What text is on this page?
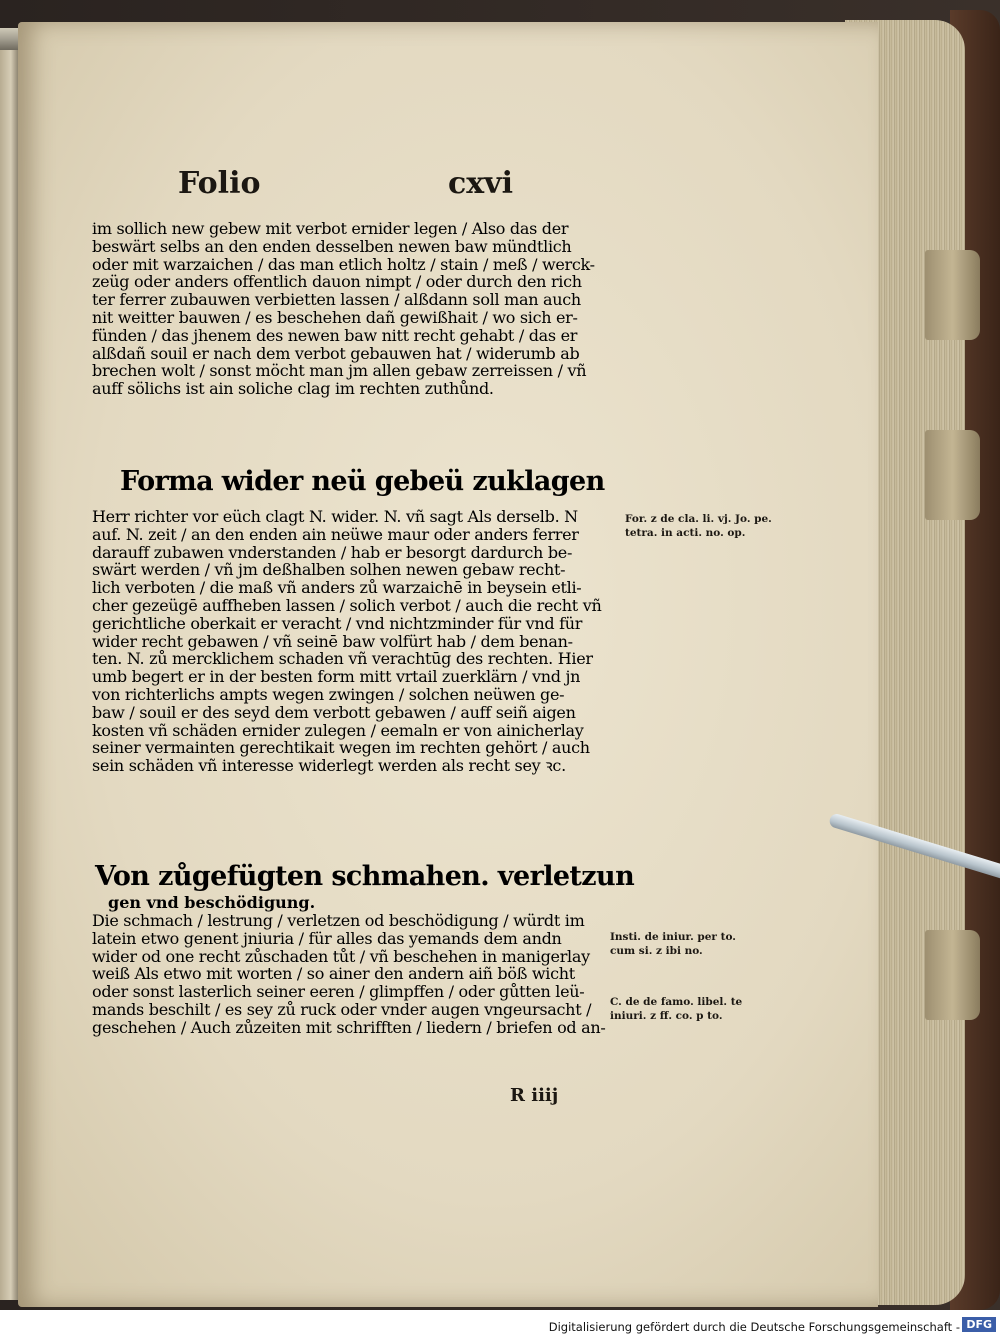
Folio	cxvi
im sollich new gebew mit verbot ernider legen / Also das der
beswärt selbs an den enden desselben newen baw mündtlich
oder mit warzaichen / das man etlich holtz / stain / meß / werck-
zeüg oder anders offentlich dauon nimpt / oder durch den rich
ter ferrer zubauwen verbietten lassen / alßdann soll man auch
nit weitter bauwen / es beschehen dañ gewißhait / wo sich er-
fünden / das jhenem des newen baw nitt recht gehabt / das er
alßdañ souil er nach dem verbot gebauwen hat / widerumb ab
brechen wolt / sonst möcht man jm allen gebaw zerreissen / vñ
auff sölichs ist ain soliche clag im rechten zuthůnd.
Forma wider neü gebeü zuklagen
Herr richter vor eüch clagt N. wider. N. vñ sagt Als derselb. N
auf. N. zeit / an den enden ain neüwe maur oder anders ferrer
darauff zubawen vnderstanden / hab er besorgt dardurch be-
swärt werden / vñ jm deßhalben solhen newen gebaw recht-
lich verboten / die maß vñ anders zů warzaichē in beysein etli-
cher gezeügē auffheben lassen / solich verbot / auch die recht vñ
gerichtliche oberkait er veracht / vnd nichtzminder für vnd für
wider recht gebawen / vñ seinē baw volfürt hab / dem benan-
ten. N. zů mercklichem schaden vñ verachtūg des rechten. Hier
umb begert er in der besten form mitt vrtail zuerklärn / vnd jn
von richterlichs ampts wegen zwingen / solchen neüwen ge-
baw / souil er des seyd dem verbott gebawen / auff seiñ aigen
kosten vñ schäden ernider zulegen / eemaln er von ainicherlay
seiner vermainten gerechtikait wegen im rechten gehört / auch
sein schäden vñ interesse widerlegt werden als recht sey ꝛc.
Von zůgefügten schmahen. verletzun
gen vnd beschödigung.
Die schmach / lestrung / verletzen od beschödigung / würdt im
latein etwo genent jniuria / für alles das yemands dem andn
wider od one recht zůschaden tůt / vñ beschehen in manigerlay
weiß Als etwo mit worten / so ainer den andern aiñ böß wicht
oder sonst lasterlich seiner eeren / glimpffen / oder gůtten leü-
mands beschilt / es sey zů ruck oder vnder augen vngeursacht /
geschehen / Auch zůzeiten mit schrifften / liedern / briefen od an-
R iiij
For. z de cla. li. vj. Jo. pe.
tetra. in acti. no. op.
Insti. de iniur. per to.
cum si. z ibi no.
C. de de famo. libel. te
iniuri. z ff. co. p to.
Digitalisierung gefördert durch die Deutsche Forschungsgemeinschaft - DFG
